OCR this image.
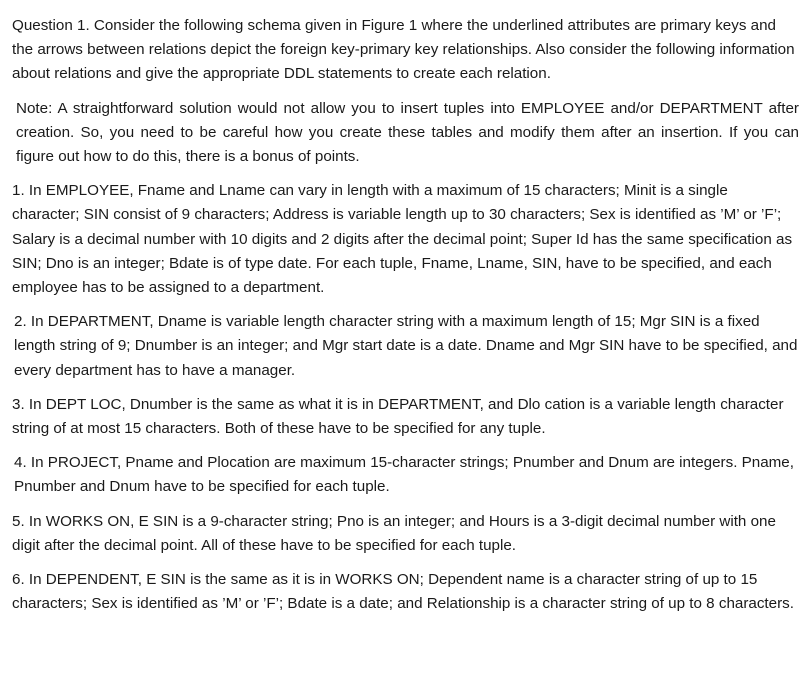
Question 1. Consider the following schema given in Figure 1 where the underlined attributes are primary keys and the arrows between relations depict the foreign key-primary key relationships. Also consider the following information about relations and give the appropriate DDL statements to create each relation.

Note: A straightforward solution would not allow you to insert tuples into EMPLOYEE and/or DEPARTMENT after creation. So, you need to be careful how you create these tables and modify them after an insertion. If you can figure out how to do this, there is a bonus of points.

1. In EMPLOYEE, Fname and Lname can vary in length with a maximum of 15 characters; Minit is a single character; SIN consist of 9 characters; Address is variable length up to 30 characters; Sex is identified as ’M’ or ’F’; Salary is a decimal number with 10 digits and 2 digits after the decimal point; Super Id has the same specification as SIN; Dno is an integer; Bdate is of type date. For each tuple, Fname, Lname, SIN, have to be specified, and each employee has to be assigned to a department.

2. In DEPARTMENT, Dname is variable length character string with a maximum length of 15; Mgr SIN is a fixed length string of 9; Dnumber is an integer; and Mgr start date is a date. Dname and Mgr SIN have to be specified, and every department has to have a manager.

3. In DEPT LOC, Dnumber is the same as what it is in DEPARTMENT, and Dlo cation is a variable length character string of at most 15 characters. Both of these have to be specified for any tuple.

4. In PROJECT, Pname and Plocation are maximum 15-character strings; Pnumber and Dnum are integers. Pname, Pnumber and Dnum have to be specified for each tuple.

5. In WORKS ON, E SIN is a 9-character string; Pno is an integer; and Hours is a 3-digit decimal number with one digit after the decimal point. All of these have to be specified for each tuple.

6. In DEPENDENT, E SIN is the same as it is in WORKS ON; Dependent name is a character string of up to 15 characters; Sex is identified as ’M’ or ’F’; Bdate is a date; and Relationship is a character string of up to 8 characters.
